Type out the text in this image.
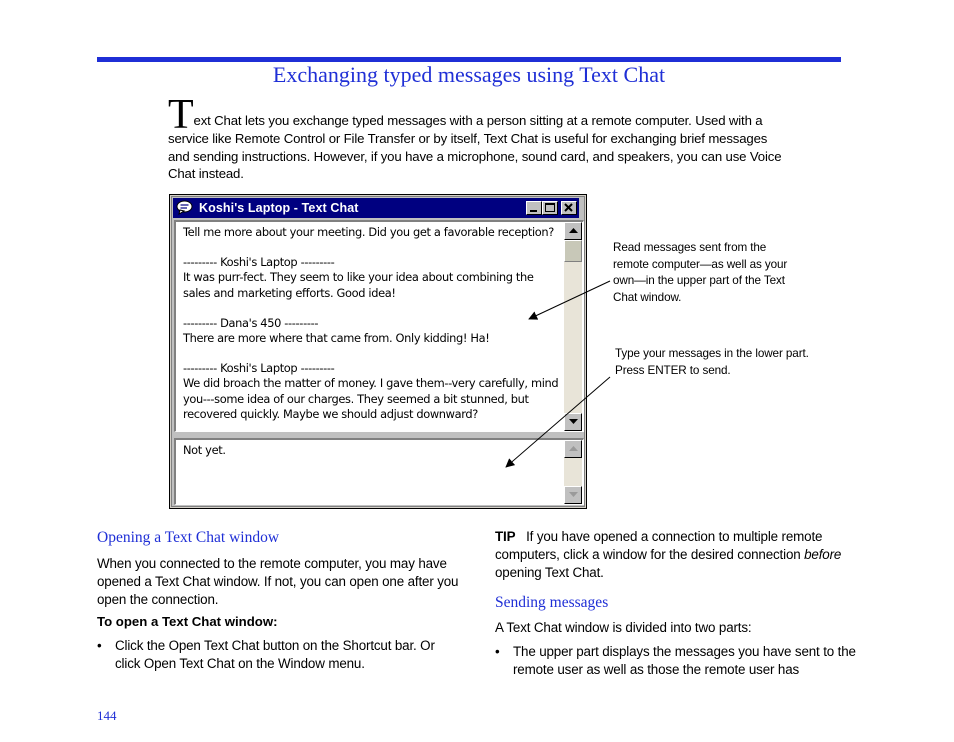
Exchanging typed messages using Text Chat
Text Chat lets you exchange typed messages with a person sitting at a remote computer. Used with a service like Remote Control or File Transfer or by itself, Text Chat is useful for exchanging brief messages and sending instructions. However, if you have a microphone, sound card, and speakers, you can use Voice Chat instead.
Koshi's Laptop - Text Chat

Tell me more about your meeting. Did you get a favorable reception?

--------- Koshi's Laptop ---------

It was purr-fect. They seem to like your idea about combining the sales and marketing efforts. Good idea!

--------- Dana's 450 ---------

There are more where that came from. Only kidding! Ha!

--------- Koshi's Laptop ---------

We did broach the matter of money. I gave them--very carefully, mind you---some idea of our charges. They seemed a bit stunned, but recovered quickly. Maybe we should adjust downward?

Not yet.
Read messages sent from the remote computer—as well as your own—in the upper part of the Text Chat window.
Type your messages in the lower part. Press ENTER to send.
Opening a Text Chat window
When you connected to the remote computer, you may have opened a Text Chat window. If not, you can open one after you open the connection.
To open a Text Chat window:
• Click the Open Text Chat button on the Shortcut bar. Or click Open Text Chat on the Window menu.
TIP If you have opened a connection to multiple remote computers, click a window for the desired connection before opening Text Chat.
Sending messages
A Text Chat window is divided into two parts:
• The upper part displays the messages you have sent to the remote user as well as those the remote user has
144
